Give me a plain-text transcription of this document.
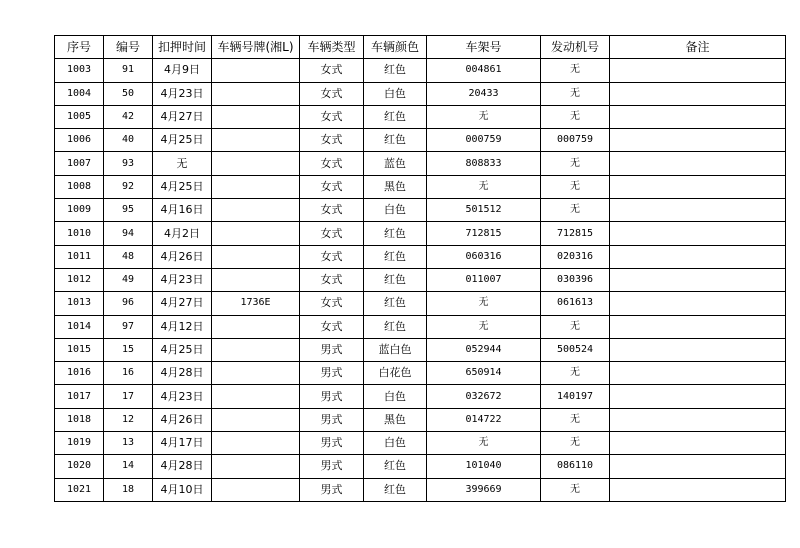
序号	编号	扣押时间	车辆号牌(湘L)	车辆类型	车辆颜色	车架号	发动机号	备注
1003	91	4月9日		女式	红色	004861	无	
1004	50	4月23日		女式	白色	20433	无	
1005	42	4月27日		女式	红色	无	无	
1006	40	4月25日		女式	红色	000759	000759	
1007	93	无		女式	蓝色	808833	无	
1008	92	4月25日		女式	黑色	无	无	
1009	95	4月16日		女式	白色	501512	无	
1010	94	4月2日		女式	红色	712815	712815	
1011	48	4月26日		女式	红色	060316	020316	
1012	49	4月23日		女式	红色	011007	030396	
1013	96	4月27日	1736E	女式	红色	无	061613	
1014	97	4月12日		女式	红色	无	无	
1015	15	4月25日		男式	蓝白色	052944	500524	
1016	16	4月28日		男式	白花色	650914	无	
1017	17	4月23日		男式	白色	032672	140197	
1018	12	4月26日		男式	黑色	014722	无	
1019	13	4月17日		男式	白色	无	无	
1020	14	4月28日		男式	红色	101040	086110	
1021	18	4月10日		男式	红色	399669	无	
